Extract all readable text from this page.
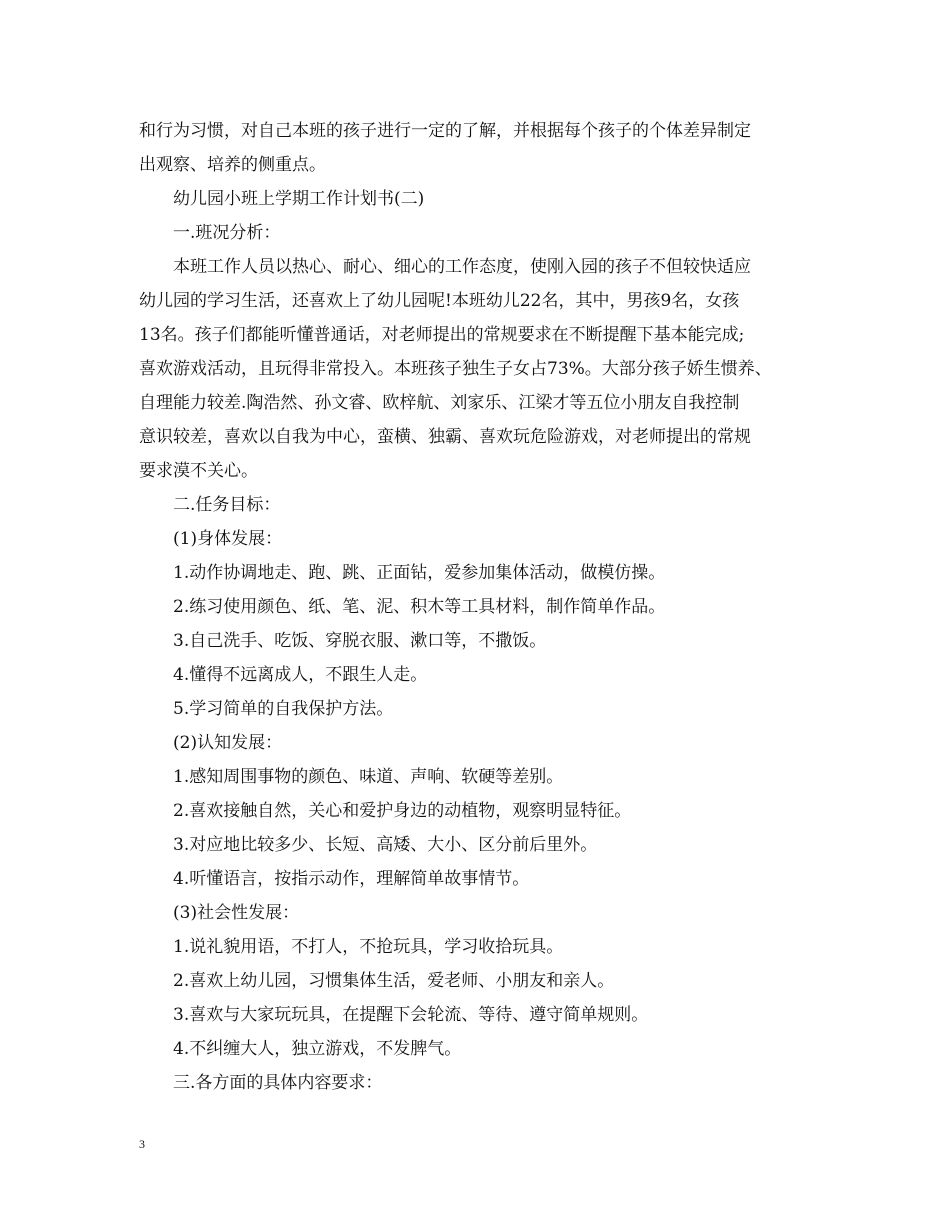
和行为习惯，对自己本班的孩子进行一定的了解，并根据每个孩子的个体差异制定
出观察、培养的侧重点。
幼儿园小班上学期工作计划书(二)
一.班况分析：
本班工作人员以热心、耐心、细心的工作态度，使刚入园的孩子不但较快适应
幼儿园的学习生活，还喜欢上了幼儿园呢!本班幼儿22名，其中，男孩9名，女孩
13名。孩子们都能听懂普通话，对老师提出的常规要求在不断提醒下基本能完成;
喜欢游戏活动，且玩得非常投入。本班孩子独生子女占73%。大部分孩子娇生惯养、
自理能力较差.陶浩然、孙文睿、欧梓航、刘家乐、江梁才等五位小朋友自我控制
意识较差，喜欢以自我为中心，蛮横、独霸、喜欢玩危险游戏，对老师提出的常规
要求漠不关心。
二.任务目标：
(1)身体发展：
1.动作协调地走、跑、跳、正面钻，爱参加集体活动，做模仿操。
2.练习使用颜色、纸、笔、泥、积木等工具材料，制作简单作品。
3.自己洗手、吃饭、穿脱衣服、漱口等，不撒饭。
4.懂得不远离成人，不跟生人走。
5.学习简单的自我保护方法。
(2)认知发展：
1.感知周围事物的颜色、味道、声响、软硬等差别。
2.喜欢接触自然，关心和爱护身边的动植物，观察明显特征。
3.对应地比较多少、长短、高矮、大小、区分前后里外。
4.听懂语言，按指示动作，理解简单故事情节。
(3)社会性发展：
1.说礼貌用语，不打人，不抢玩具，学习收拾玩具。
2.喜欢上幼儿园，习惯集体生活，爱老师、小朋友和亲人。
3.喜欢与大家玩玩具，在提醒下会轮流、等待、遵守简单规则。
4.不纠缠大人，独立游戏，不发脾气。
三.各方面的具体内容要求：
3
